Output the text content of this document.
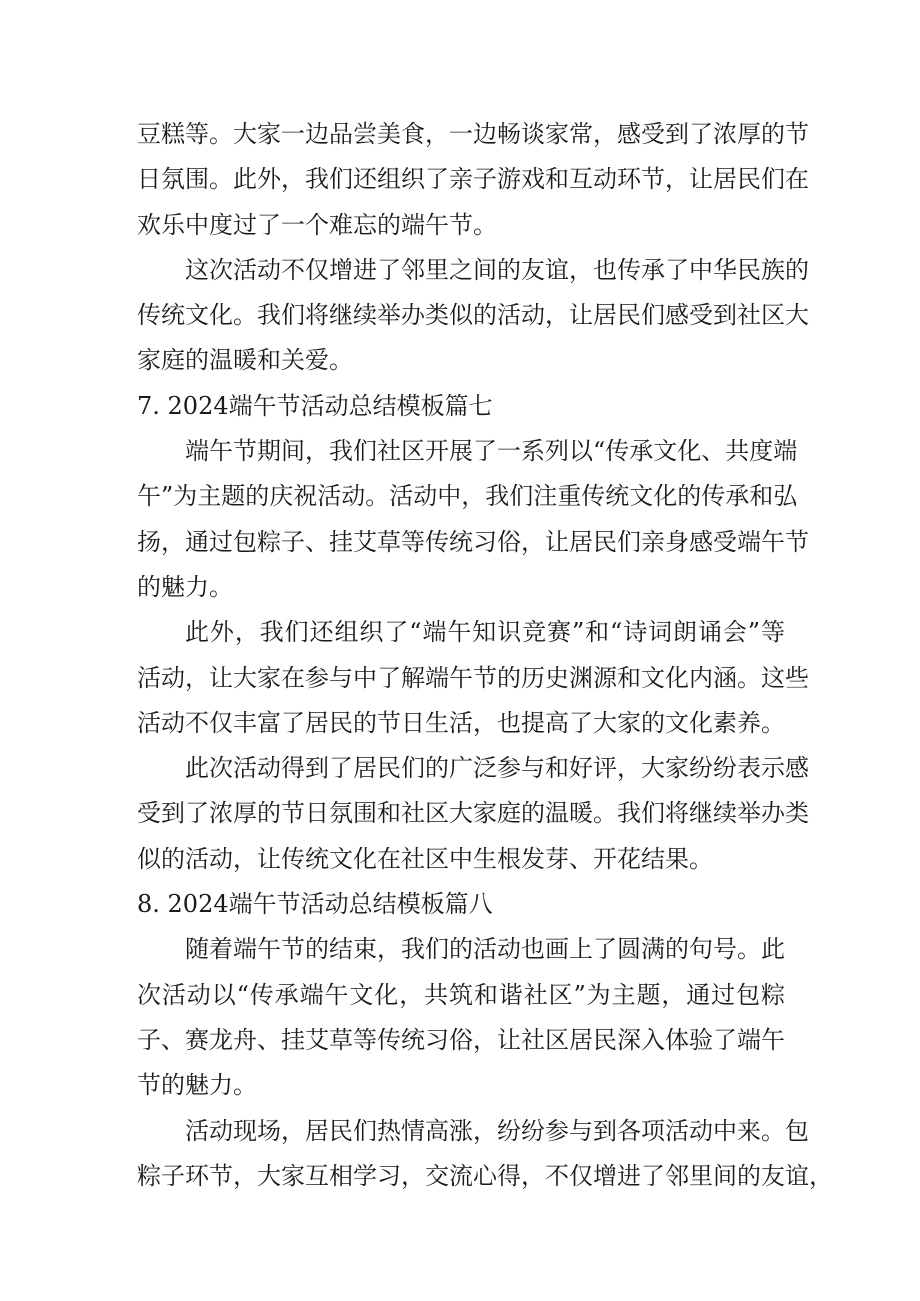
豆糕等。大家一边品尝美食，一边畅谈家常，感受到了浓厚的节
日氛围。此外，我们还组织了亲子游戏和互动环节，让居民们在
欢乐中度过了一个难忘的端午节。
这次活动不仅增进了邻里之间的友谊，也传承了中华民族的
传统文化。我们将继续举办类似的活动，让居民们感受到社区大
家庭的温暖和关爱。
7. 2024端午节活动总结模板篇七
端午节期间，我们社区开展了一系列以“传承文化、共度端
午”为主题的庆祝活动。活动中，我们注重传统文化的传承和弘
扬，通过包粽子、挂艾草等传统习俗，让居民们亲身感受端午节
的魅力。
此外，我们还组织了“端午知识竞赛”和“诗词朗诵会”等
活动，让大家在参与中了解端午节的历史渊源和文化内涵。这些
活动不仅丰富了居民的节日生活，也提高了大家的文化素养。
此次活动得到了居民们的广泛参与和好评，大家纷纷表示感
受到了浓厚的节日氛围和社区大家庭的温暖。我们将继续举办类
似的活动，让传统文化在社区中生根发芽、开花结果。
8. 2024端午节活动总结模板篇八
随着端午节的结束，我们的活动也画上了圆满的句号。此
次活动以“传承端午文化，共筑和谐社区”为主题，通过包粽
子、赛龙舟、挂艾草等传统习俗，让社区居民深入体验了端午
节的魅力。
活动现场，居民们热情高涨，纷纷参与到各项活动中来。包
粽子环节，大家互相学习，交流心得，不仅增进了邻里间的友谊，
